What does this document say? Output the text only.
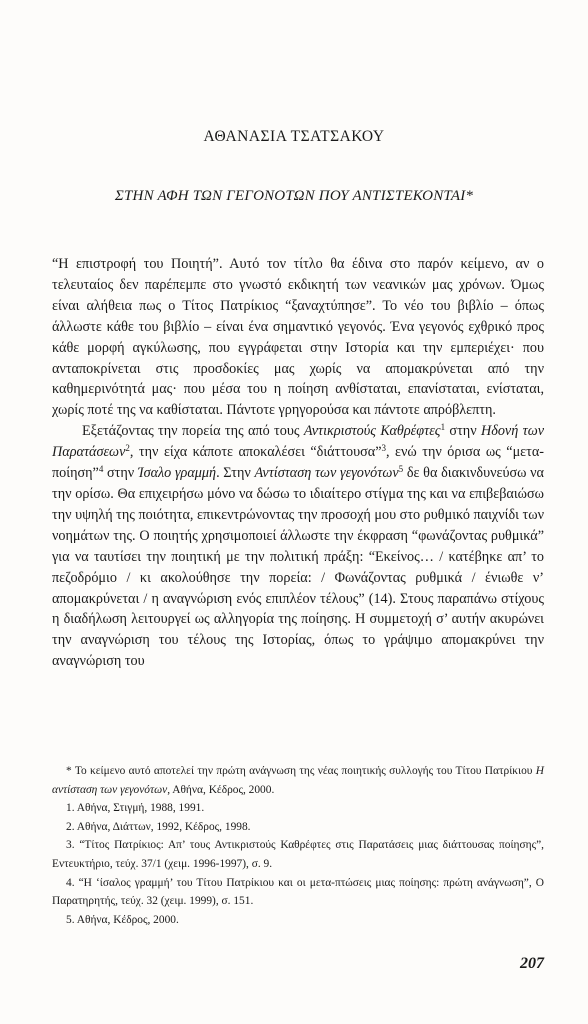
ΑΘΑΝΑΣΙΑ ΤΣΑΤΣΑΚΟΥ
ΣΤΗΝ ΑΦΗ ΤΩΝ ΓΕΓΟΝΟΤΩΝ ΠΟΥ ΑΝΤΙΣΤΕΚΟΝΤΑΙ*

“Η επιστροφή του Ποιητή”. Αυτό τον τίτλο θα έδινα στο παρόν κείμενο, αν ο τελευταίος δεν παρέπεμπε στο γνωστό εκδικητή των νεανικών μας χρόνων. Όμως είναι αλήθεια πως ο Τίτος Πατρίκιος “ξαναχτύπησε”. Το νέο του βιβλίο – όπως άλλωστε κάθε του βιβλίο – είναι ένα σημαντικό γεγονός. Ένα γεγονός εχθρικό προς κάθε μορφή αγκύλωσης, που εγγράφεται στην Ιστορία και την εμπεριέχει· που ανταποκρίνεται στις προσδοκίες μας χωρίς να απομακρύνεται από την καθημερινότητά μας· που μέσα του η ποίηση ανθίσταται, επανίσταται, ενίσταται, χωρίς ποτέ της να καθίσταται. Πάντοτε γρηγορούσα και πάντοτε απρόβλεπτη.

Εξετάζοντας την πορεία της από τους Αντικριστούς Καθρέφτες$^1$ στην Ηδονή των Παρατάσεων$^2$, την είχα κάποτε αποκαλέσει “διάττουσα”$^3$, ενώ την όρισα ως “μετα-ποίηση”$^4$ στην Ίσαλο γραμμή. Στην Αντίσταση των γεγονότων$^5$ δε θα διακινδυνεύσω να την ορίσω. Θα επιχειρήσω μόνο να δώσω το ιδιαίτερο στίγμα της και να επιβεβαιώσω την υψηλή της ποιότητα, επικεντρώνοντας την προσοχή μου στο ρυθμικό παιχνίδι των νοημάτων της. Ο ποιητής χρησιμοποιεί άλλωστε την έκφραση “φωνάζοντας ρυθμικά” για να ταυτίσει την ποιητική με την πολιτική πράξη: “Εκείνος… / κατέβηκε απ’ το πεζοδρόμιο / κι ακολούθησε την πορεία: / Φωνάζοντας ρυθμικά / ένιωθε ν’ απομακρύνεται / η αναγνώριση ενός επιπλέον τέλους” (14). Στους παραπάνω στίχους η διαδήλωση λειτουργεί ως αλληγορία της ποίησης. Η συμμετοχή σ’ αυτήν ακυρώνει την αναγνώριση του τέλους της Ιστορίας, όπως το γράψιμο απομακρύνει την αναγνώριση του

* Το κείμενο αυτό αποτελεί την πρώτη ανάγνωση της νέας ποιητικής συλλογής του Τίτου Πατρίκιου Η αντίσταση των γεγονότων, Αθήνα, Κέδρος, 2000.

1. Αθήνα, Στιγμή, 1988, 1991.

2. Αθήνα, Διάττων, 1992, Κέδρος, 1998.

3. “Τίτος Πατρίκιος: Απ’ τους Αντικριστούς Καθρέφτες στις Παρατάσεις μιας διάττουσας ποίησης”, Εντευκτήριο, τεύχ. 37/1 (χειμ. 1996-1997), σ. 9.

4. “Η ‘ίσαλος γραμμή’ του Τίτου Πατρίκιου και οι μετα-πτώσεις μιας ποίησης: πρώτη ανάγνωση”, Ο Παρατηρητής, τεύχ. 32 (χειμ. 1999), σ. 151.

5. Αθήνα, Κέδρος, 2000.

207
